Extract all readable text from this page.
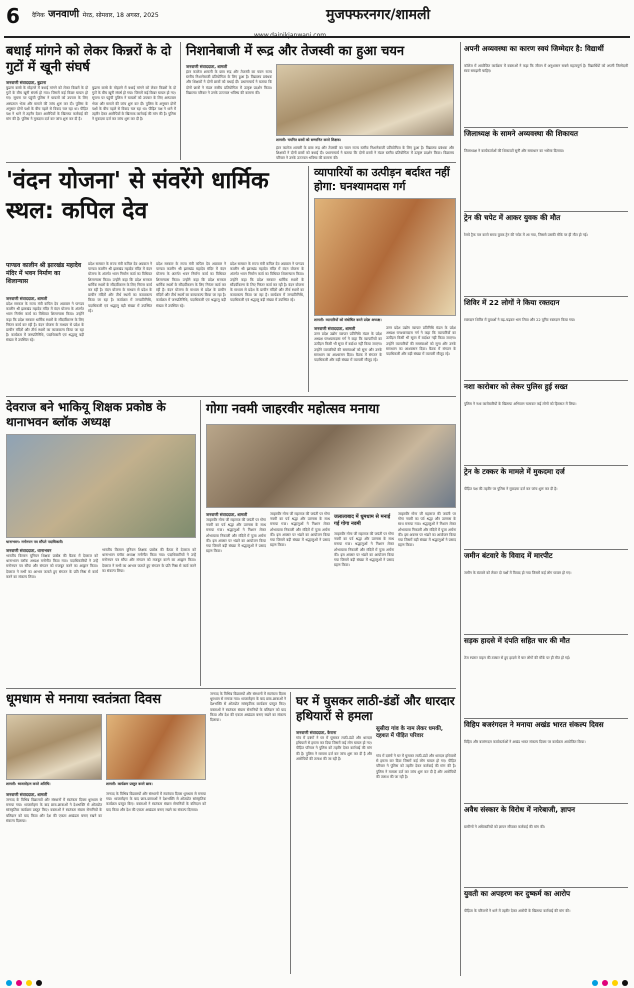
6 दैनिक जनवाणी मेरठ, सोमवार, 18 अगस्त, 2025	मुजफ्फरनगर/शामली
बधाई मांगने को लेकर किन्नरों के दो गुटों में खूनी संघर्ष
जनवाणी संवाददाता, बुढाना
बुढाना कस्बे के मोहल्ले में बधाई मांगने को लेकर किन्नरों के दो गुटों के बीच खूनी संघर्ष हो गया। जिसमें कई किन्नर घायल हो गए। सूचना पर पहुंची पुलिस ने घायलों को उपचार के लिए अस्पताल भेजा और मामले की जांच शुरू कर दी। पुलिस के अनुसार दोनों पक्षों के बीच पहले से विवाद चल रहा था। पीड़ित पक्ष ने थाने में तहरीर देकर आरोपियों के खिलाफ कार्रवाई की मांग की है। पुलिस ने मुकदमा दर्ज कर जांच शुरू कर दी है।
बुढाना कस्बे के मोहल्ले में बधाई मांगने को लेकर किन्नरों के दो गुटों के बीच खूनी संघर्ष हो गया। जिसमें कई किन्नर घायल हो गए। सूचना पर पहुंची पुलिस ने घायलों को उपचार के लिए अस्पताल भेजा और मामले की जांच शुरू कर दी। पुलिस के अनुसार दोनों पक्षों के बीच पहले से विवाद चल रहा था। पीड़ित पक्ष ने थाने में तहरीर देकर आरोपियों के खिलाफ कार्रवाई की मांग की है। पुलिस ने मुकदमा दर्ज कर जांच शुरू कर दी है।
निशानेबाजी में रूद्र और तेजस्वी का हुआ चयन
जनवाणी संवाददाता, शामली
इंटर कालेज शामली के छात्र रूद्र और तेजस्वी का चयन राज्य स्तरीय निशानेबाजी प्रतियोगिता के लिए हुआ है। विद्यालय प्रबंधक और शिक्षकों ने दोनों छात्रों को बधाई दी। प्रधानाचार्य ने बताया कि दोनों छात्रों ने मंडल स्तरीय प्रतियोगिता में उत्कृष्ट प्रदर्शन किया। विद्यालय परिवार ने उनके उज्ज्वल भविष्य की कामना की।
शामली: चयनित छात्रों को सम्मानित करते शिक्षक।
इंटर कालेज शामली के छात्र रूद्र और तेजस्वी का चयन राज्य स्तरीय निशानेबाजी प्रतियोगिता के लिए हुआ है। विद्यालय प्रबंधक और शिक्षकों ने दोनों छात्रों को बधाई दी। प्रधानाचार्य ने बताया कि दोनों छात्रों ने मंडल स्तरीय प्रतियोगिता में उत्कृष्ट प्रदर्शन किया। विद्यालय परिवार ने उनके उज्ज्वल भविष्य की कामना की।
'वंदन योजना' से संवरेंगे धार्मिक स्थल: कपिल देव
पाण्डव कालीन श्री झारखंड महादेव मंदिर में भवन निर्माण का शिलान्यास
जनवाणी संवाददाता, शामली
प्रदेश सरकार के राज्य मंत्री कपिल देव अग्रवाल ने पाण्डव कालीन श्री झारखंड महादेव मंदिर में वंदन योजना के अंतर्गत भवन निर्माण कार्य का विधिवत शिलान्यास किया। उन्होंने कहा कि प्रदेश सरकार धार्मिक स्थलों के सौंदर्यीकरण के लिए निरंतर कार्य कर रही है। वंदन योजना के माध्यम से प्रदेश के प्राचीन मंदिरों और तीर्थ स्थलों का कायाकल्प किया जा रहा है। कार्यक्रम में जनप्रतिनिधि, पदाधिकारी एवं श्रद्धालु बड़ी संख्या में उपस्थित रहे।
प्रदेश सरकार के राज्य मंत्री कपिल देव अग्रवाल ने पाण्डव कालीन श्री झारखंड महादेव मंदिर में वंदन योजना के अंतर्गत भवन निर्माण कार्य का विधिवत शिलान्यास किया। उन्होंने कहा कि प्रदेश सरकार धार्मिक स्थलों के सौंदर्यीकरण के लिए निरंतर कार्य कर रही है। वंदन योजना के माध्यम से प्रदेश के प्राचीन मंदिरों और तीर्थ स्थलों का कायाकल्प किया जा रहा है। कार्यक्रम में जनप्रतिनिधि, पदाधिकारी एवं श्रद्धालु बड़ी संख्या में उपस्थित रहे।
प्रदेश सरकार के राज्य मंत्री कपिल देव अग्रवाल ने पाण्डव कालीन श्री झारखंड महादेव मंदिर में वंदन योजना के अंतर्गत भवन निर्माण कार्य का विधिवत शिलान्यास किया। उन्होंने कहा कि प्रदेश सरकार धार्मिक स्थलों के सौंदर्यीकरण के लिए निरंतर कार्य कर रही है। वंदन योजना के माध्यम से प्रदेश के प्राचीन मंदिरों और तीर्थ स्थलों का कायाकल्प किया जा रहा है। कार्यक्रम में जनप्रतिनिधि, पदाधिकारी एवं श्रद्धालु बड़ी संख्या में उपस्थित रहे।
प्रदेश सरकार के राज्य मंत्री कपिल देव अग्रवाल ने पाण्डव कालीन श्री झारखंड महादेव मंदिर में वंदन योजना के अंतर्गत भवन निर्माण कार्य का विधिवत शिलान्यास किया। उन्होंने कहा कि प्रदेश सरकार धार्मिक स्थलों के सौंदर्यीकरण के लिए निरंतर कार्य कर रही है। वंदन योजना के माध्यम से प्रदेश के प्राचीन मंदिरों और तीर्थ स्थलों का कायाकल्प किया जा रहा है। कार्यक्रम में जनप्रतिनिधि, पदाधिकारी एवं श्रद्धालु बड़ी संख्या में उपस्थित रहे।
व्यापारियों का उत्पीड़न बर्दाश्त नहीं होगा: घनश्यामदास गर्ग
शामली: व्यापारियों को संबोधित करते प्रदेश अध्यक्ष।
जनवाणी संवाददाता, शामली
उत्तर प्रदेश उद्योग व्यापार प्रतिनिधि मंडल के प्रदेश अध्यक्ष घनश्यामदास गर्ग ने कहा कि व्यापारियों का उत्पीड़न किसी भी सूरत में बर्दाश्त नहीं किया जाएगा। उन्होंने व्यापारियों की समस्याओं को सुना और उनके समाधान का आश्वासन दिया। बैठक में संगठन के पदाधिकारी और बड़ी संख्या में व्यापारी मौजूद रहे।
उत्तर प्रदेश उद्योग व्यापार प्रतिनिधि मंडल के प्रदेश अध्यक्ष घनश्यामदास गर्ग ने कहा कि व्यापारियों का उत्पीड़न किसी भी सूरत में बर्दाश्त नहीं किया जाएगा। उन्होंने व्यापारियों की समस्याओं को सुना और उनके समाधान का आश्वासन दिया। बैठक में संगठन के पदाधिकारी और बड़ी संख्या में व्यापारी मौजूद रहे।
देवराज बने भाकियू शिक्षक प्रकोष्ठ के थानाभवन ब्लॉक अध्यक्ष
थानाभवन: मनोनयन पत्र सौंपते पदाधिकारी।
जनवाणी संवाददाता, थानाभवन
भारतीय किसान यूनियन शिक्षक प्रकोष्ठ की बैठक में देवराज को थानाभवन ब्लॉक अध्यक्ष मनोनीत किया गया। पदाधिकारियों ने उन्हें मनोनयन पत्र सौंपा और संगठन को मजबूत करने का आह्वान किया। देवराज ने सभी का आभार जताते हुए संगठन के प्रति निष्ठा से कार्य करने का संकल्प लिया।
भारतीय किसान यूनियन शिक्षक प्रकोष्ठ की बैठक में देवराज को थानाभवन ब्लॉक अध्यक्ष मनोनीत किया गया। पदाधिकारियों ने उन्हें मनोनयन पत्र सौंपा और संगठन को मजबूत करने का आह्वान किया। देवराज ने सभी का आभार जताते हुए संगठन के प्रति निष्ठा से कार्य करने का संकल्प लिया।
गोगा नवमी जाहरवीर महोत्सव मनाया
जनवाणी संवाददाता, शामली
जाहरवीर गोगा जी महाराज की जयंती पर गोगा नवमी का पर्व श्रद्धा और उल्लास के साथ मनाया गया। श्रद्धालुओं ने निशान लेकर शोभायात्रा निकाली और मंदिरों में पूजा अर्चना की। इस अवसर पर भंडारे का आयोजन किया गया जिसमें बड़ी संख्या में श्रद्धालुओं ने प्रसाद ग्रहण किया।
जाहरवीर गोगा जी महाराज की जयंती पर गोगा नवमी का पर्व श्रद्धा और उल्लास के साथ मनाया गया। श्रद्धालुओं ने निशान लेकर शोभायात्रा निकाली और मंदिरों में पूजा अर्चना की। इस अवसर पर भंडारे का आयोजन किया गया जिसमें बड़ी संख्या में श्रद्धालुओं ने प्रसाद ग्रहण किया।
जलालाबाद में धूमधाम से मनाई गई गोगा नवमी
जाहरवीर गोगा जी महाराज की जयंती पर गोगा नवमी का पर्व श्रद्धा और उल्लास के साथ मनाया गया। श्रद्धालुओं ने निशान लेकर शोभायात्रा निकाली और मंदिरों में पूजा अर्चना की। इस अवसर पर भंडारे का आयोजन किया गया जिसमें बड़ी संख्या में श्रद्धालुओं ने प्रसाद ग्रहण किया।
जाहरवीर गोगा जी महाराज की जयंती पर गोगा नवमी का पर्व श्रद्धा और उल्लास के साथ मनाया गया। श्रद्धालुओं ने निशान लेकर शोभायात्रा निकाली और मंदिरों में पूजा अर्चना की। इस अवसर पर भंडारे का आयोजन किया गया जिसमें बड़ी संख्या में श्रद्धालुओं ने प्रसाद ग्रहण किया।
धूमधाम से मनाया स्वतंत्रता दिवस
शामली: ध्वजारोहण करते अतिथि।	शामली: कार्यक्रम प्रस्तुत करते छात्र।
जनवाणी संवाददाता, शामली
जनपद के विभिन्न विद्यालयों और संस्थानों में स्वतंत्रता दिवस धूमधाम से मनाया गया। ध्वजारोहण के बाद छात्र-छात्राओं ने देशभक्ति से ओतप्रोत सांस्कृतिक कार्यक्रम प्रस्तुत किए। वक्ताओं ने स्वतंत्रता संग्राम सेनानियों के बलिदान को याद किया और देश की एकता अखंडता बनाए रखने का संकल्प दिलाया।
जनपद के विभिन्न विद्यालयों और संस्थानों में स्वतंत्रता दिवस धूमधाम से मनाया गया। ध्वजारोहण के बाद छात्र-छात्राओं ने देशभक्ति से ओतप्रोत सांस्कृतिक कार्यक्रम प्रस्तुत किए। वक्ताओं ने स्वतंत्रता संग्राम सेनानियों के बलिदान को याद किया और देश की एकता अखंडता बनाए रखने का संकल्प दिलाया।
जनपद के विभिन्न विद्यालयों और संस्थानों में स्वतंत्रता दिवस धूमधाम से मनाया गया। ध्वजारोहण के बाद छात्र-छात्राओं ने देशभक्ति से ओतप्रोत सांस्कृतिक कार्यक्रम प्रस्तुत किए। वक्ताओं ने स्वतंत्रता संग्राम सेनानियों के बलिदान को याद किया और देश की एकता अखंडता बनाए रखने का संकल्प दिलाया।
घर में घुसकर लाठी-डंडों और धारदार हथियारों से हमला
सुसीदा गांव के नाम लेकर धमकी, दहशत में पीड़ित परिवार
जनवाणी संवाददाता, कैराना
गांव में दबंगों ने घर में घुसकर लाठी-डंडों और धारदार हथियारों से हमला कर दिया जिसमें कई लोग घायल हो गए। पीड़ित परिवार ने पुलिस को तहरीर देकर कार्रवाई की मांग की है। पुलिस ने मामला दर्ज कर जांच शुरू कर दी है और आरोपियों की तलाश की जा रही है।
गांव में दबंगों ने घर में घुसकर लाठी-डंडों और धारदार हथियारों से हमला कर दिया जिसमें कई लोग घायल हो गए। पीड़ित परिवार ने पुलिस को तहरीर देकर कार्रवाई की मांग की है। पुलिस ने मामला दर्ज कर जांच शुरू कर दी है और आरोपियों की तलाश की जा रही है।
अपनी अव्यवस्था का कारण स्वयं जिम्मेदार है: विद्यार्थी
कॉलेज में आयोजित कार्यक्रम में वक्ताओं ने कहा कि जीवन में अनुशासन सबसे महत्वपूर्ण है। विद्यार्थियों को अपनी जिम्मेदारी स्वयं समझनी चाहिए।
जिलाध्यक्ष के सामने अव्यवस्था की शिकायत
जिलाध्यक्ष ने कार्यकर्ताओं की शिकायतें सुनीं और समाधान का भरोसा दिलाया।
ट्रेन की चपेट में आकर युवक की मौत
रेलवे ट्रैक पार करते समय युवक ट्रेन की चपेट में आ गया, जिससे उसकी मौके पर ही मौत हो गई।
शिविर में 22 लोगों ने किया रक्तदान
रक्तदान शिविर में युवाओं ने बढ़-चढ़कर भाग लिया और 22 यूनिट रक्तदान किया गया।
नशा कारोबार को लेकर पुलिस हुई सख्त
पुलिस ने नशा कारोबारियों के खिलाफ अभियान चलाकर कई लोगों को हिरासत में लिया।
ट्रेन के टक्कर के मामले में मुकदमा दर्ज
पीड़ित पक्ष की तहरीर पर पुलिस ने मुकदमा दर्ज कर जांच शुरू कर दी है।
जमीन बंटवारे के विवाद में मारपीट
जमीन के बंटवारे को लेकर दो पक्षों में विवाद हो गया जिसमें कई लोग घायल हो गए।
सड़क हादसे में दंपति सहित चार की मौत
तेज रफ्तार वाहन की टक्कर से हुए हादसे में चार लोगों की मौके पर ही मौत हो गई।
विहिप बजरंगदल ने मनाया अखंड भारत संकल्प दिवस
विहिप और बजरंगदल कार्यकर्ताओं ने अखंड भारत संकल्प दिवस पर कार्यक्रम आयोजित किया।
अवैध संस्कार के विरोध में नारेबाजी, ज्ञापन
ग्रामीणों ने अधिकारियों को ज्ञापन सौंपकर कार्रवाई की मांग की।
युवती का अपहरण कर दुष्कर्म का आरोप
पीड़िता के परिजनों ने थाने में तहरीर देकर आरोपी के खिलाफ कार्रवाई की मांग की।
